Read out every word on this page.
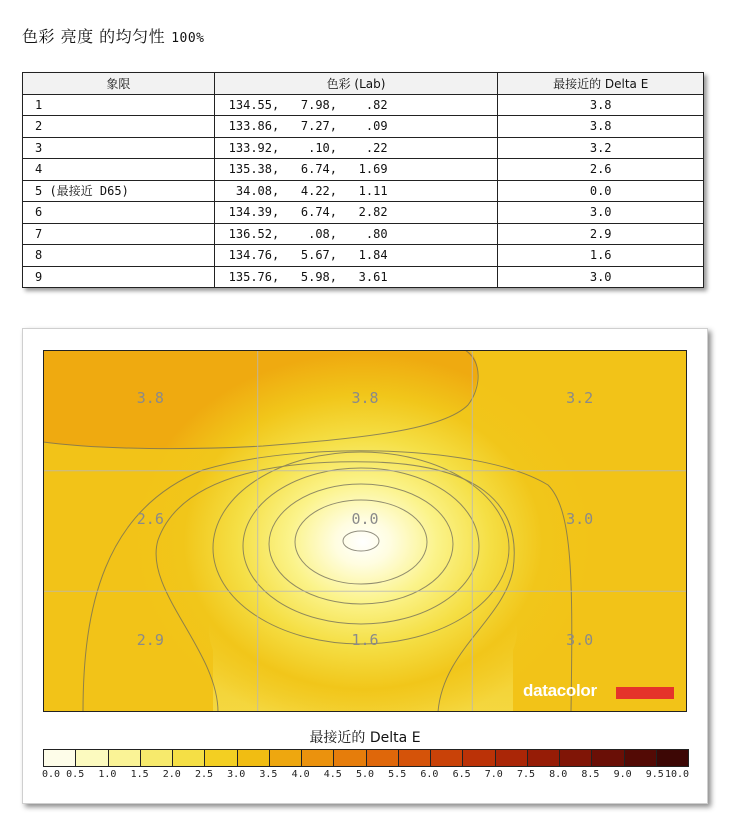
色彩 亮度 的均匀性 100%
象限	色彩 (Lab)	最接近的 Delta E
1	134.55,   7.98,    .82	3.8
2	133.86,   7.27,    .09	3.8
3	133.92,    .10,    .22	3.2
4	135.38,   6.74,   1.69	2.6
5 (最接近 D65)	34.08,   4.22,   1.11	0.0
6	134.39,   6.74,   2.82	3.0
7	136.52,    .08,    .80	2.9
8	134.76,   5.67,   1.84	1.6
9	135.76,   5.98,   3.61	3.0
3.8	3.8	3.2
2.6	0.0	3.0
2.9	1.6	3.0
datacolor
最接近的 Delta E
0.0 0.5 1.0 1.5 2.0 2.5 3.0 3.5 4.0 4.5 5.0 5.5 6.0 6.5 7.0 7.5 8.0 8.5 9.0 9.5 10.0
